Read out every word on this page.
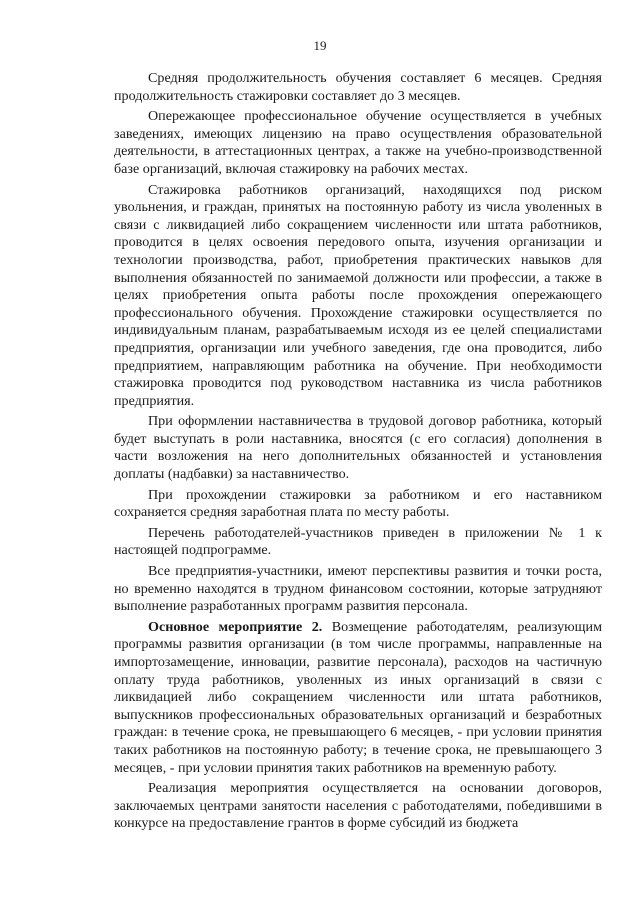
19

Средняя продолжительность обучения составляет 6 месяцев. Средняя продолжительность стажировки составляет до 3 месяцев.

Опережающее профессиональное обучение осуществляется в учебных заведениях, имеющих лицензию на право осуществления образовательной деятельности, в аттестационных центрах, а также на учебно-производственной базе организаций, включая стажировку на рабочих местах.

Стажировка работников организаций, находящихся под риском увольнения, и граждан, принятых на постоянную работу из числа уволенных в связи с ликвидацией либо сокращением численности или штата работников, проводится в целях освоения передового опыта, изучения организации и технологии производства, работ, приобретения практических навыков для выполнения обязанностей по занимаемой должности или профессии, а также в целях приобретения опыта работы после прохождения опережающего профессионального обучения. Прохождение стажировки осуществляется по индивидуальным планам, разрабатываемым исходя из ее целей специалистами предприятия, организации или учебного заведения, где она проводится, либо предприятием, направляющим работника на обучение. При необходимости стажировка проводится под руководством наставника из числа работников предприятия.

При оформлении наставничества в трудовой договор работника, который будет выступать в роли наставника, вносятся (с его согласия) дополнения в части возложения на него дополнительных обязанностей и установления доплаты (надбавки) за наставничество.

При прохождении стажировки за работником и его наставником сохраняется средняя заработная плата по месту работы.

Перечень работодателей-участников приведен в приложении № 1 к настоящей подпрограмме.

Все предприятия-участники, имеют перспективы развития и точки роста, но временно находятся в трудном финансовом состоянии, которые затрудняют выполнение разработанных программ развития персонала.

Основное мероприятие 2. Возмещение работодателям, реализующим программы развития организации (в том числе программы, направленные на импортозамещение, инновации, развитие персонала), расходов на частичную оплату труда работников, уволенных из иных организаций в связи с ликвидацией либо сокращением численности или штата работников, выпускников профессиональных образовательных организаций и безработных граждан: в течение срока, не превышающего 6 месяцев, - при условии принятия таких работников на постоянную работу; в течение срока, не превышающего 3 месяцев, - при условии принятия таких работников на временную работу.

Реализация мероприятия осуществляется на основании договоров, заключаемых центрами занятости населения с работодателями, победившими в конкурсе на предоставление грантов в форме субсидий из бюджета
